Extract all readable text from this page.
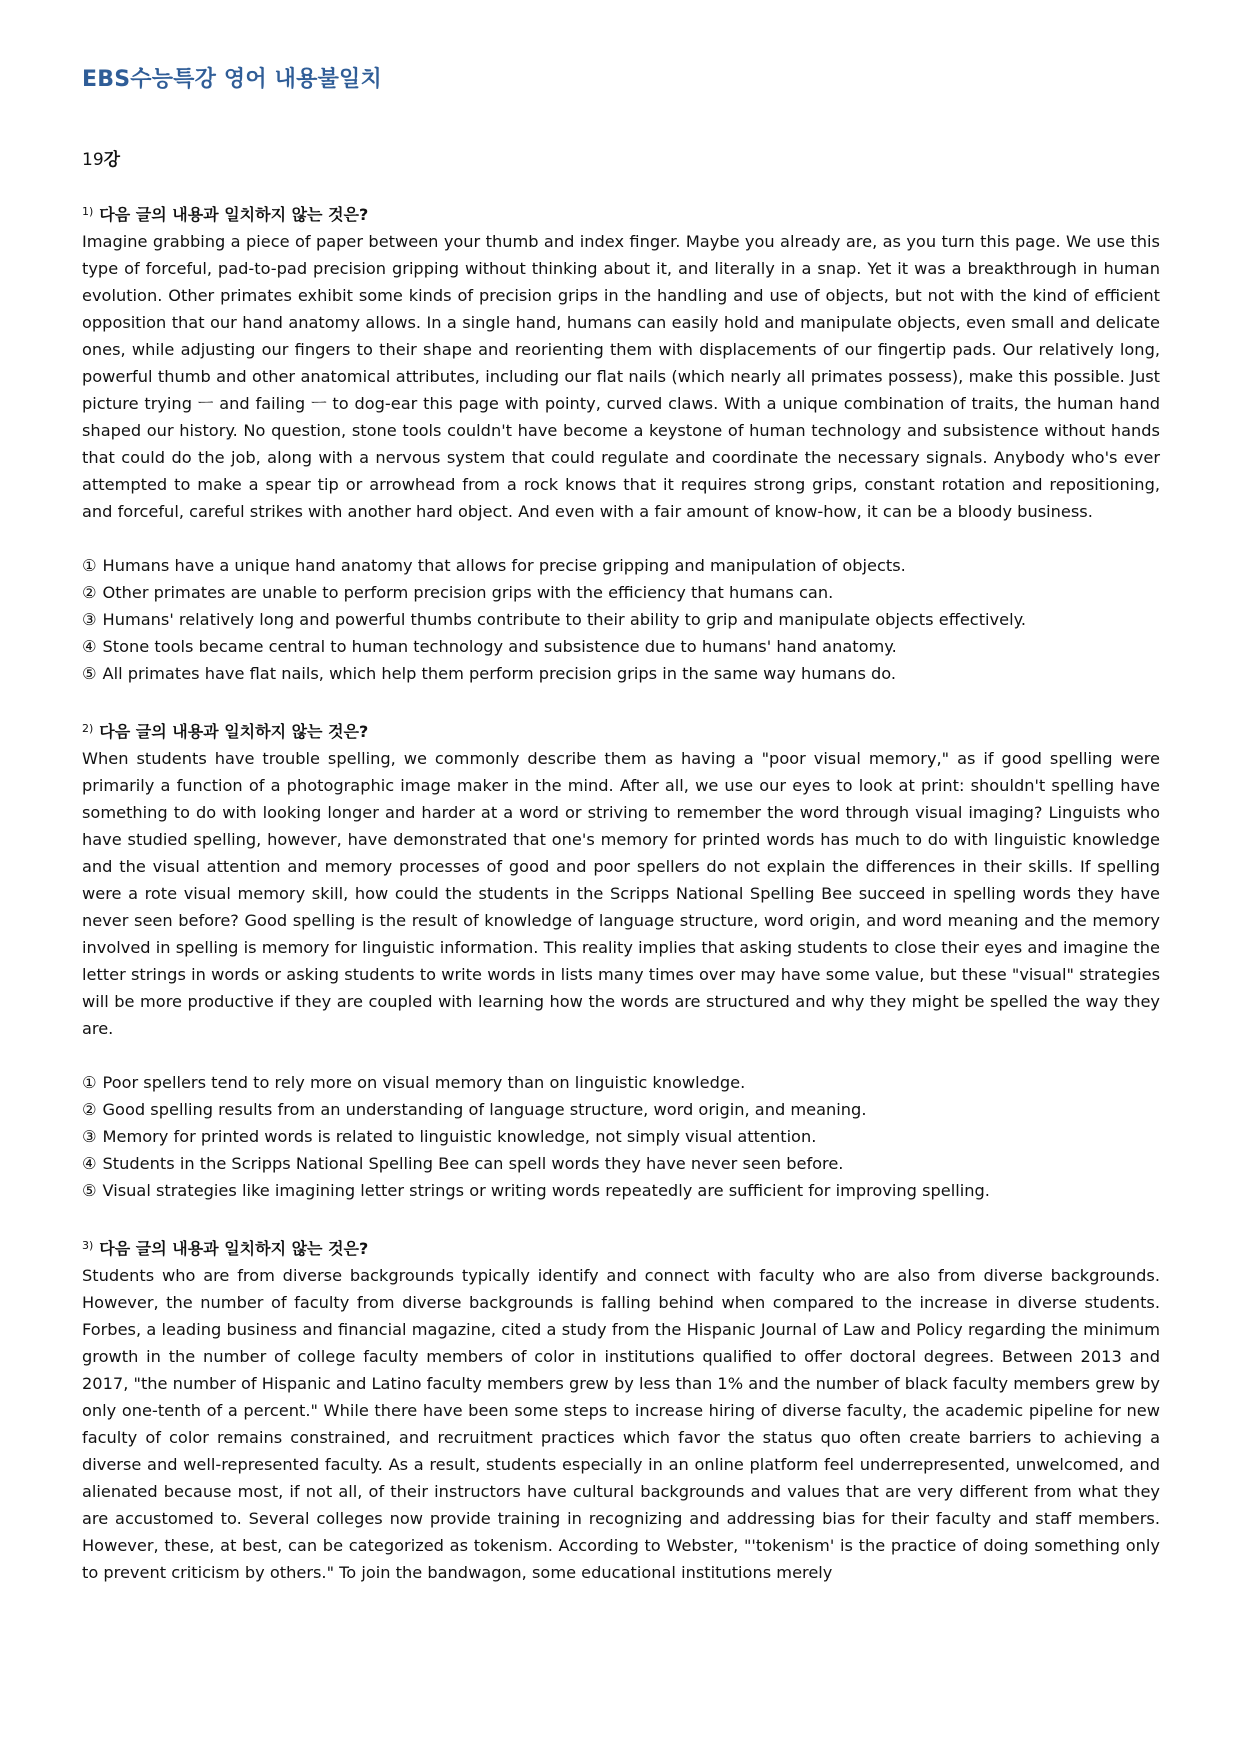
EBS수능특강 영어 내용불일치
19강
$^{1)}$ 다음 글의 내용과 일치하지 않는 것은?

Imagine grabbing a piece of paper between your thumb and index finger. Maybe you already are, as you turn this page. We use this type of forceful, pad-to-pad precision gripping without thinking about it, and literally in a snap. Yet it was a breakthrough in human evolution. Other primates exhibit some kinds of precision grips in the handling and use of objects, but not with the kind of efficient opposition that our hand anatomy allows. In a single hand, humans can easily hold and manipulate objects, even small and delicate ones, while adjusting our fingers to their shape and reorienting them with displacements of our fingertip pads. Our relatively long, powerful thumb and other anatomical attributes, including our flat nails (which nearly all primates possess), make this possible. Just picture trying ㅡ and failing ㅡ to dog-ear this page with pointy, curved claws. With a unique combination of traits, the human hand shaped our history. No question, stone tools couldn't have become a keystone of human technology and subsistence without hands that could do the job, along with a nervous system that could regulate and coordinate the necessary signals. Anybody who's ever attempted to make a spear tip or arrowhead from a rock knows that it requires strong grips, constant rotation and repositioning, and forceful, careful strikes with another hard object. And even with a fair amount of know-how, it can be a bloody business.

① Humans have a unique hand anatomy that allows for precise gripping and manipulation of objects.
② Other primates are unable to perform precision grips with the efficiency that humans can.
③ Humans' relatively long and powerful thumbs contribute to their ability to grip and manipulate objects effectively.
④ Stone tools became central to human technology and subsistence due to humans' hand anatomy.
⑤ All primates have flat nails, which help them perform precision grips in the same way humans do.
$^{2)}$ 다음 글의 내용과 일치하지 않는 것은?

When students have trouble spelling, we commonly describe them as having a "poor visual memory," as if good spelling were primarily a function of a photographic image maker in the mind. After all, we use our eyes to look at print: shouldn't spelling have something to do with looking longer and harder at a word or striving to remember the word through visual imaging? Linguists who have studied spelling, however, have demonstrated that one's memory for printed words has much to do with linguistic knowledge and the visual attention and memory processes of good and poor spellers do not explain the differences in their skills. If spelling were a rote visual memory skill, how could the students in the Scripps National Spelling Bee succeed in spelling words they have never seen before? Good spelling is the result of knowledge of language structure, word origin, and word meaning and the memory involved in spelling is memory for linguistic information. This reality implies that asking students to close their eyes and imagine the letter strings in words or asking students to write words in lists many times over may have some value, but these "visual" strategies will be more productive if they are coupled with learning how the words are structured and why they might be spelled the way they are.

① Poor spellers tend to rely more on visual memory than on linguistic knowledge.
② Good spelling results from an understanding of language structure, word origin, and meaning.
③ Memory for printed words is related to linguistic knowledge, not simply visual attention.
④ Students in the Scripps National Spelling Bee can spell words they have never seen before.
⑤ Visual strategies like imagining letter strings or writing words repeatedly are sufficient for improving spelling.
$^{3)}$ 다음 글의 내용과 일치하지 않는 것은?

Students who are from diverse backgrounds typically identify and connect with faculty who are also from diverse backgrounds. However, the number of faculty from diverse backgrounds is falling behind when compared to the increase in diverse students. Forbes, a leading business and financial magazine, cited a study from the Hispanic Journal of Law and Policy regarding the minimum growth in the number of college faculty members of color in institutions qualified to offer doctoral degrees. Between 2013 and 2017, "the number of Hispanic and Latino faculty members grew by less than 1% and the number of black faculty members grew by only one-tenth of a percent." While there have been some steps to increase hiring of diverse faculty, the academic pipeline for new faculty of color remains constrained, and recruitment practices which favor the status quo often create barriers to achieving a diverse and well-represented faculty. As a result, students especially in an online platform feel underrepresented, unwelcomed, and alienated because most, if not all, of their instructors have cultural backgrounds and values that are very different from what they are accustomed to. Several colleges now provide training in recognizing and addressing bias for their faculty and staff members. However, these, at best, can be categorized as tokenism. According to Webster, "'tokenism' is the practice of doing something only to prevent criticism by others." To join the bandwagon, some educational institutions merely
